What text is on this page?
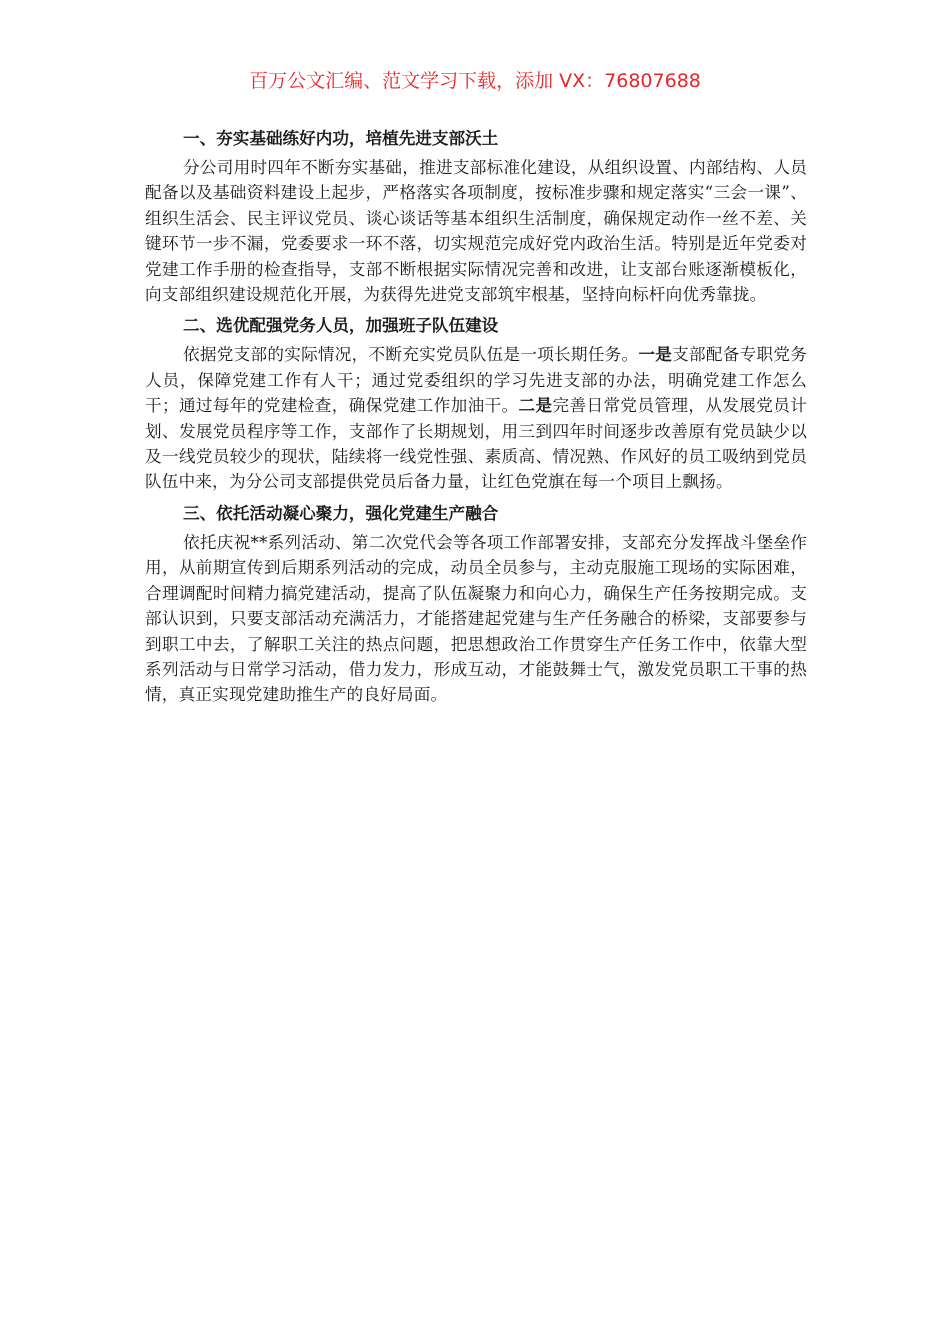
百万公文汇编、范文学习下载，添加 VX：76807688
一、夯实基础练好内功，培植先进支部沃土

分公司用时四年不断夯实基础，推进支部标准化建设，从组织设置、内部结构、人员配备以及基础资料建设上起步，严格落实各项制度，按标准步骤和规定落实“三会一课”、组织生活会、民主评议党员、谈心谈话等基本组织生活制度，确保规定动作一丝不差、关键环节一步不漏，党委要求一环不落，切实规范完成好党内政治生活。特别是近年党委对党建工作手册的检查指导，支部不断根据实际情况完善和改进，让支部台账逐渐模板化，向支部组织建设规范化开展，为获得先进党支部筑牢根基，坚持向标杆向优秀靠拢。

二、选优配强党务人员，加强班子队伍建设

依据党支部的实际情况，不断充实党员队伍是一项长期任务。一是支部配备专职党务人员，保障党建工作有人干；通过党委组织的学习先进支部的办法，明确党建工作怎么干；通过每年的党建检查，确保党建工作加油干。二是完善日常党员管理，从发展党员计划、发展党员程序等工作，支部作了长期规划，用三到四年时间逐步改善原有党员缺少以及一线党员较少的现状，陆续将一线党性强、素质高、情况熟、作风好的员工吸纳到党员队伍中来，为分公司支部提供党员后备力量，让红色党旗在每一个项目上飘扬。

三、依托活动凝心聚力，强化党建生产融合

依托庆祝**系列活动、第二次党代会等各项工作部署安排，支部充分发挥战斗堡垒作用，从前期宣传到后期系列活动的完成，动员全员参与，主动克服施工现场的实际困难，合理调配时间精力搞党建活动，提高了队伍凝聚力和向心力，确保生产任务按期完成。支部认识到，只要支部活动充满活力，才能搭建起党建与生产任务融合的桥梁，支部要参与到职工中去，了解职工关注的热点问题，把思想政治工作贯穿生产任务工作中，依靠大型系列活动与日常学习活动，借力发力，形成互动，才能鼓舞士气，激发党员职工干事的热情，真正实现党建助推生产的良好局面。
